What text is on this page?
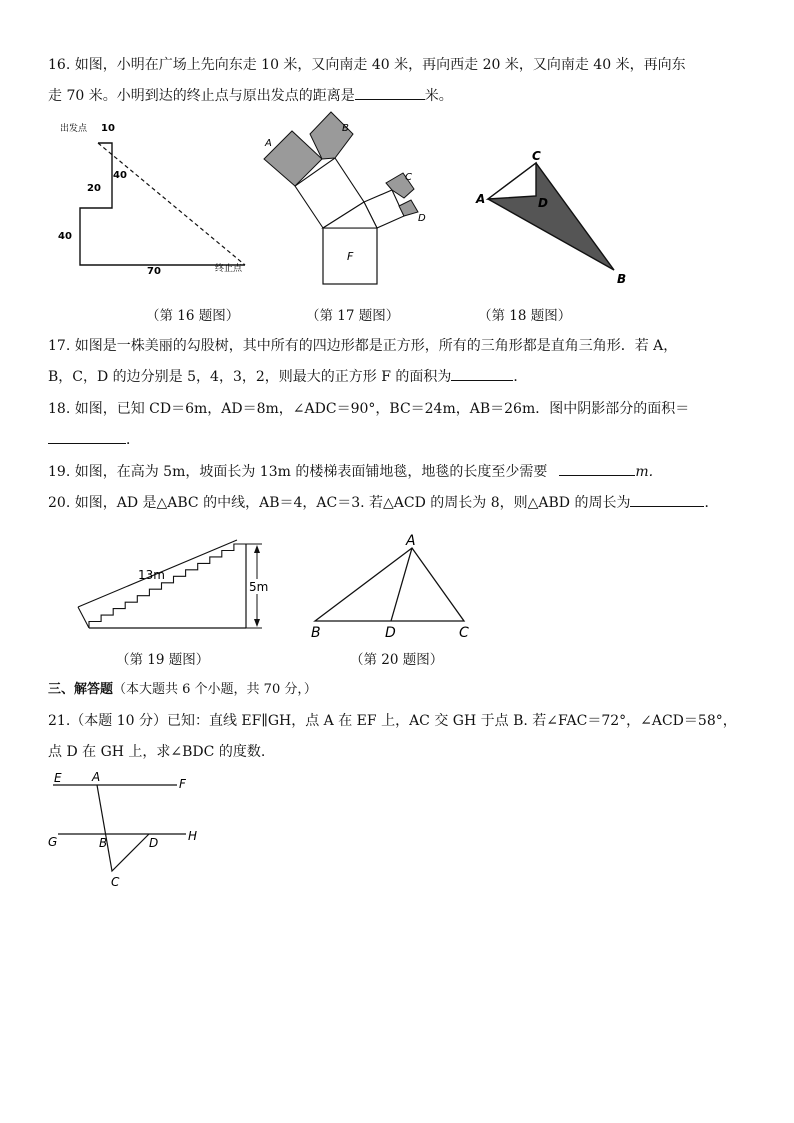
16. 如图，小明在广场上先向东走 10 米，又向南走 40 米，再向西走 20 米，又向南走 40 米，再向东
走 70 米。小明到达的终止点与原出发点的距离是	米。
出发点 10
40
20
40
70	终止点
A
B
C
D
F
C
A	D
B
（第 16 题图）	（第 17 题图）	（第 18 题图）
17. 如图是一株美丽的勾股树，其中所有的四边形都是正方形，所有的三角形都是直角三角形．若 A，
B，C，D 的边分别是 5，4，3，2，则最大的正方形 F 的面积为	．
18. 如图，已知 CD＝6m，AD＝8m，∠ADC＝90°，BC＝24m，AB＝26m．图中阴影部分的面积＝
．
19. 如图，在高为 5m，坡面长为 13m 的楼梯表面铺地毯，地毯的长度至少需要	m.
20. 如图，AD 是△ABC 的中线，AB＝4，AC＝3. 若△ACD 的周长为 8，则△ABD 的周长为	．
13m
5m
A
B	D	C
（第 19 题图）	（第 20 题图）
三、解答题（本大题共 6 个小题，共 70 分，）
21.（本题 10 分）已知：直线 EF∥GH，点 A 在 EF 上，AC 交 GH 于点 B. 若∠FAC＝72°，∠ACD＝58°，
点 D 在 GH 上，求∠BDC 的度数.
E	A	F
G	B	D H
C
